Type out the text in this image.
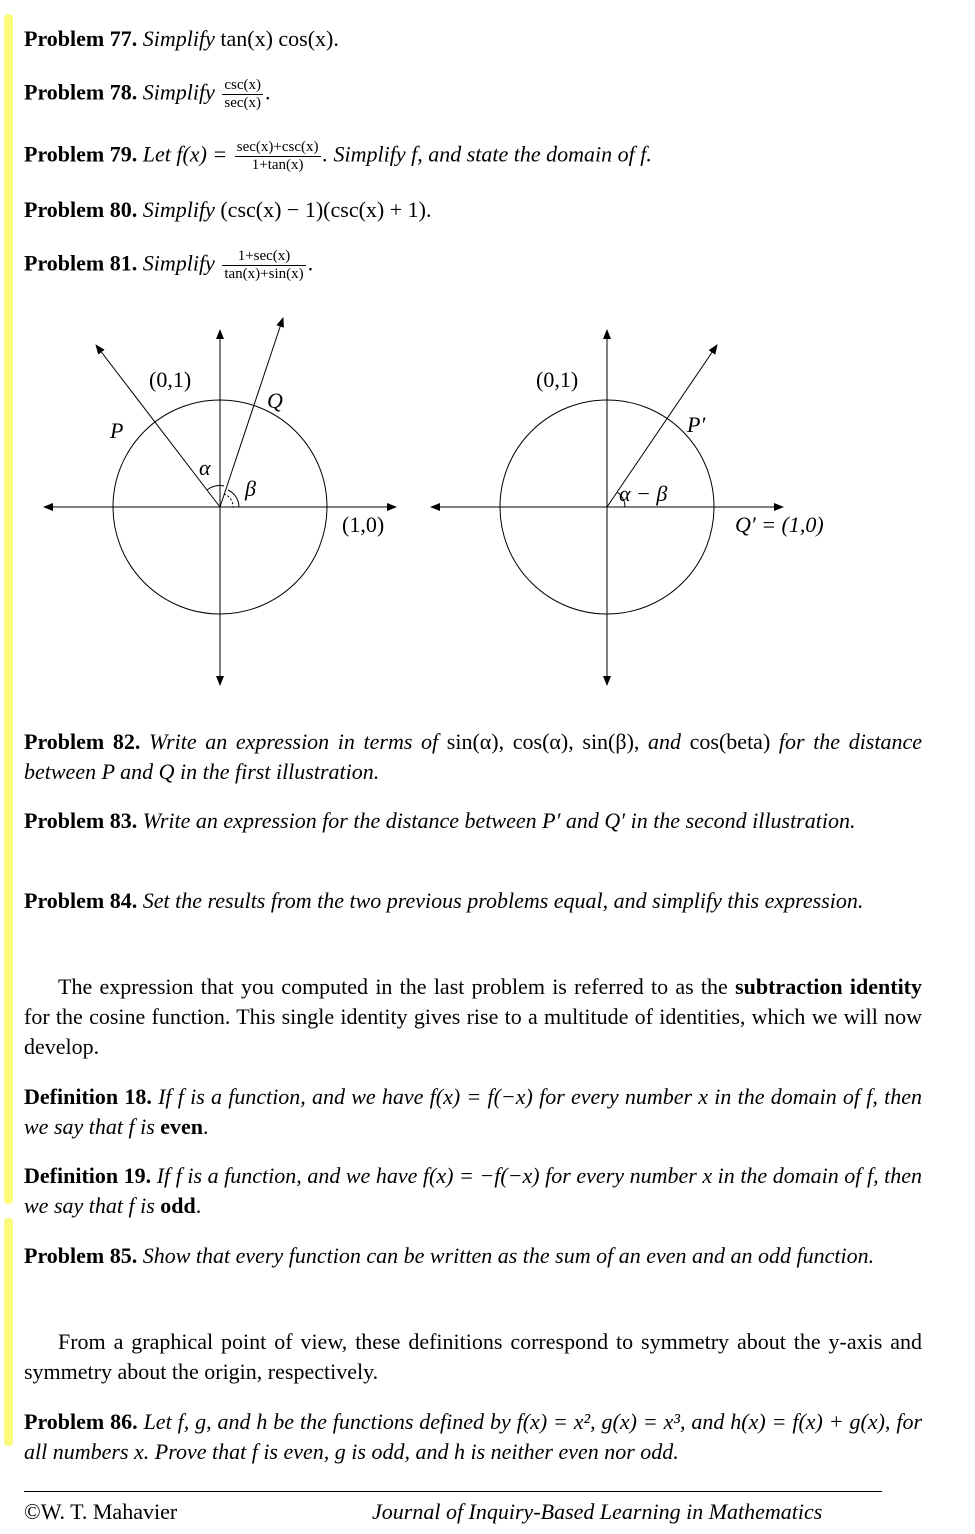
Problem 77. Simplify tan(x) cos(x).
Problem 78. Simplify $\frac{\csc(x)}{\sec(x)}$ .
Problem 79. Let $f(x) = \frac{\sec(x)+\csc(x)}{1+\tan(x)}$ . Simplify f, and state the domain of f.
Problem 80. Simplify (csc(x) − 1)(csc(x) + 1).
Problem 81. Simplify $\frac{1+\sec(x)}{\tan(x)+\sin(x)}$ .
(0,1)
(1,0)
P
Q
α
β
(0,1)
P′
α − β
Q′ = (1,0)
Problem 82. Write an expression in terms of sin(α), cos(α), sin(β), and cos(beta) for the distance between P and Q in the first illustration.
Problem 83. Write an expression for the distance between P′ and Q′ in the second illustration.
Problem 84. Set the results from the two previous problems equal, and simplify this expression.
The expression that you computed in the last problem is referred to as the subtraction identity for the cosine function. This single identity gives rise to a multitude of identities, which we will now develop.
Definition 18. If f is a function, and we have f(x) = f(−x) for every number x in the domain of f, then we say that f is even.
Definition 19. If f is a function, and we have f(x) = −f(−x) for every number x in the domain of f, then we say that f is odd.
Problem 85. Show that every function can be written as the sum of an even and an odd function.
From a graphical point of view, these definitions correspond to symmetry about the y-axis and symmetry about the origin, respectively.
Problem 86. Let f, g, and h be the functions defined by f(x) = x², g(x) = x³, and h(x) = f(x) + g(x), for all numbers x. Prove that f is even, g is odd, and h is neither even nor odd.
©W. T. Mahavier	Journal of Inquiry-Based Learning in Mathematics
